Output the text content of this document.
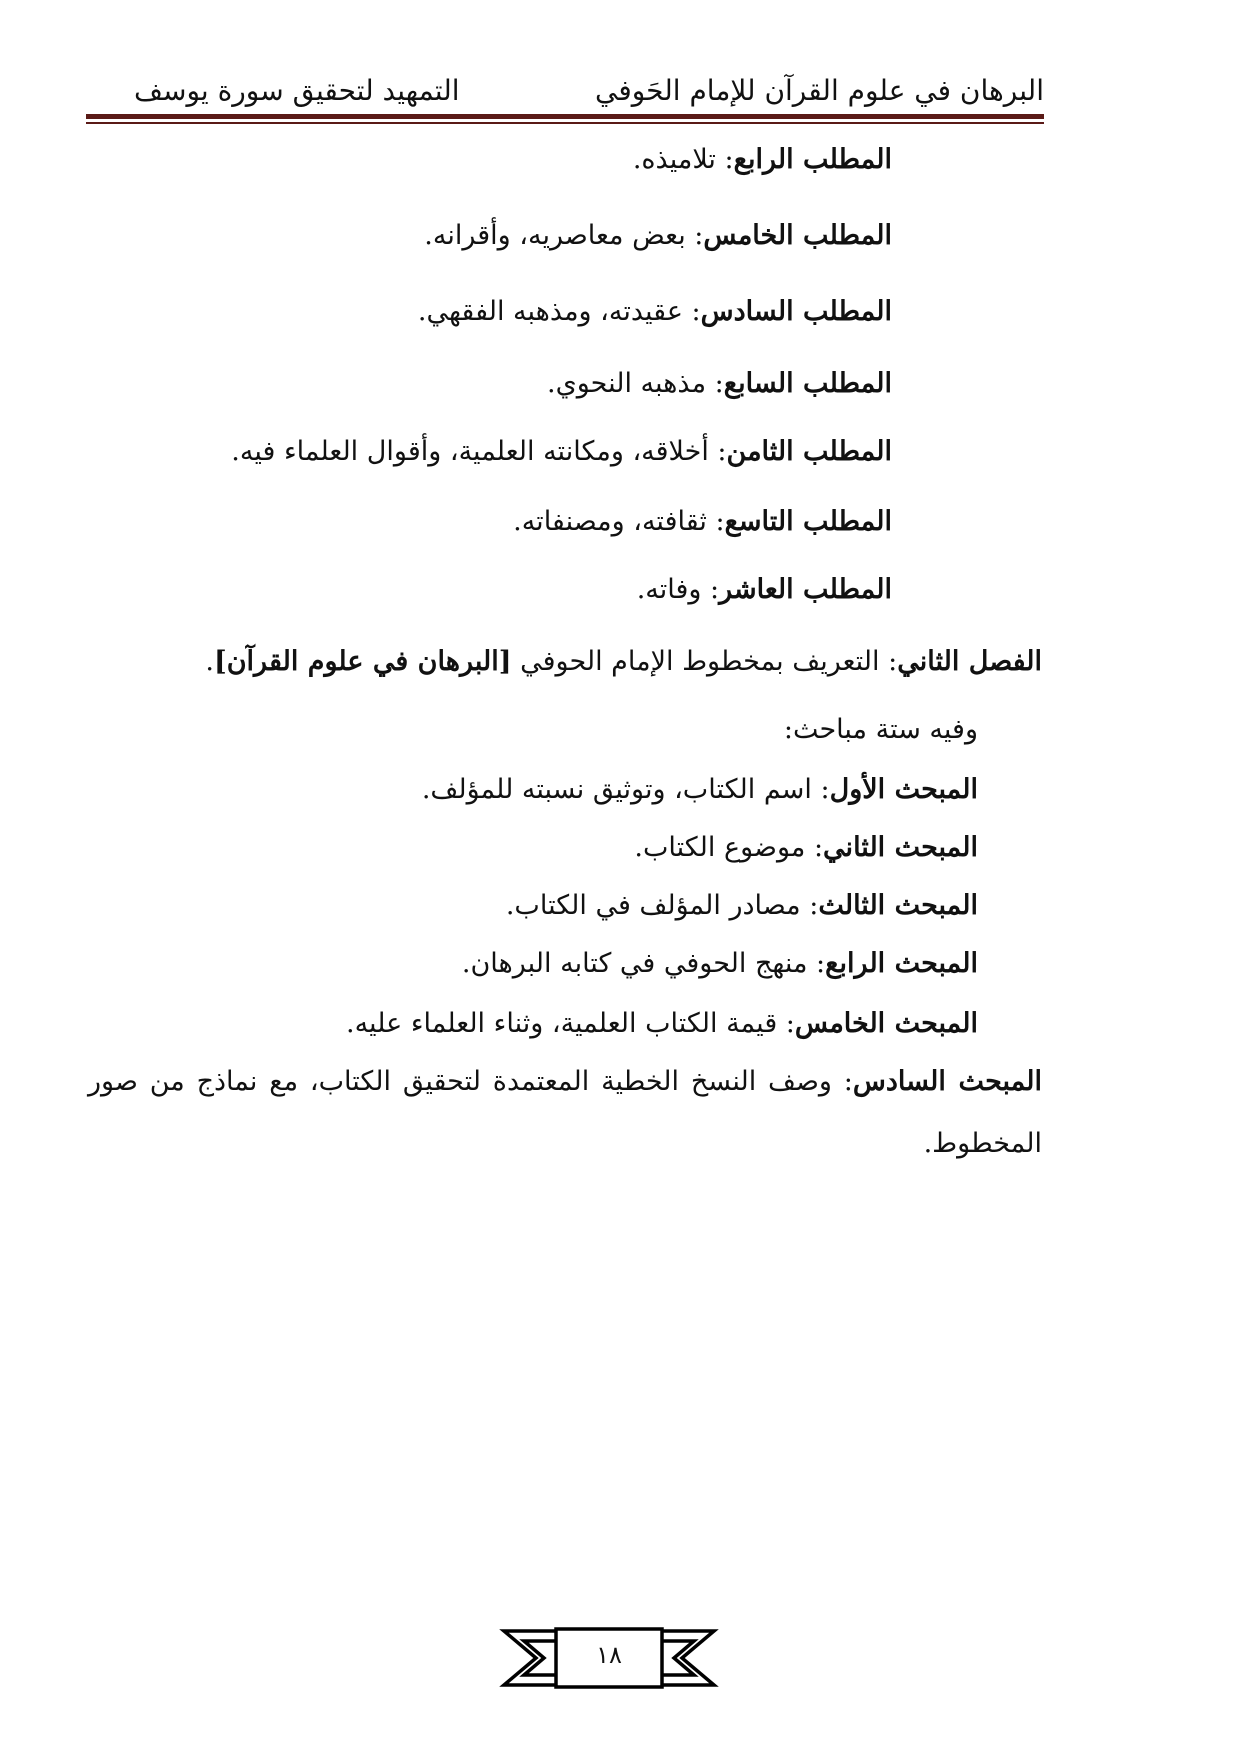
البرهان في علوم القرآن للإمام الحَوفي
التمهيد لتحقيق سورة يوسف
المطلب الرابع: تلاميذه.
المطلب الخامس: بعض معاصريه، وأقرانه.
المطلب السادس: عقيدته، ومذهبه الفقهي.
المطلب السابع: مذهبه النحوي.
المطلب الثامن: أخلاقه، ومكانته العلمية، وأقوال العلماء فيه.
المطلب التاسع: ثقافته، ومصنفاته.
المطلب العاشر: وفاته.
الفصل الثاني: التعريف بمخطوط الإمام الحوفي [البرهان في علوم القرآن].
وفيه ستة مباحث:
المبحث الأول: اسم الكتاب، وتوثيق نسبته للمؤلف.
المبحث الثاني: موضوع الكتاب.
المبحث الثالث: مصادر المؤلف في الكتاب.
المبحث الرابع: منهج الحوفي في كتابه البرهان.
المبحث الخامس: قيمة الكتاب العلمية، وثناء العلماء عليه.
المبحث السادس: وصف النسخ الخطية المعتمدة لتحقيق الكتاب، مع نماذج من صور
المخطوط.
١٨
